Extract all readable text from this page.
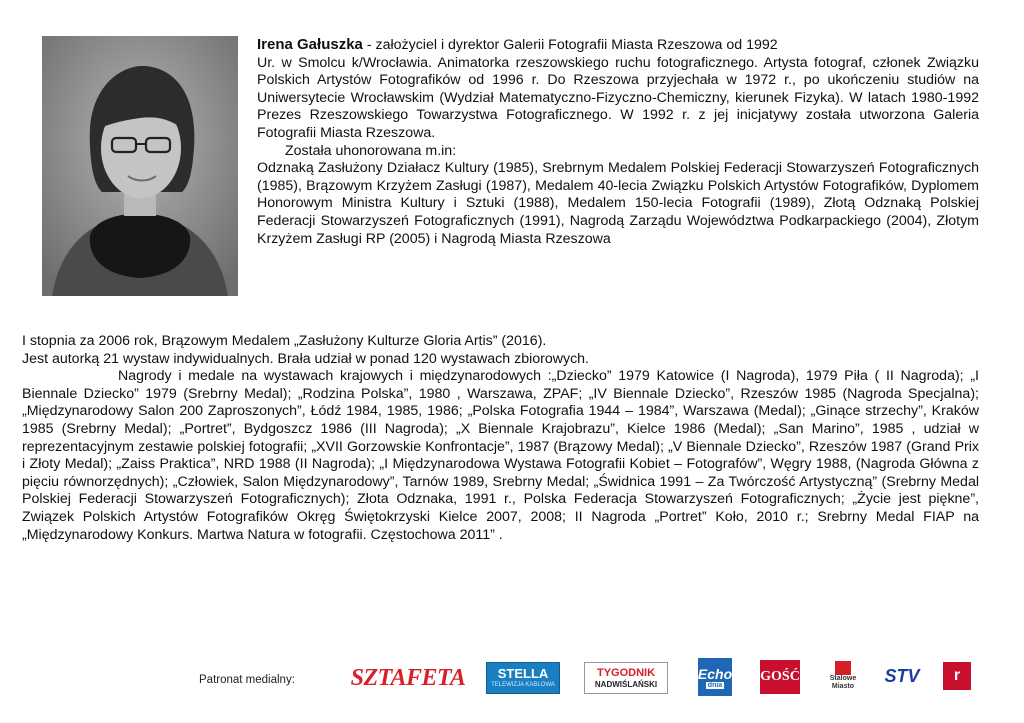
Irena Gałuszka - założyciel i dyrektor Galerii Fotografii Miasta Rzeszowa od 1992

Ur. w Smolcu k/Wrocławia. Animatorka rzeszowskiego ruchu fotograficznego. Artysta fotograf, członek Związku Polskich Artystów Fotografików od 1996 r. Do Rzeszowa przyjechała w 1972 r., po ukończeniu studiów na Uniwersytecie Wrocławskim (Wydział Matematyczno-Fizyczno-Chemiczny, kierunek Fizyka). W latach 1980-1992 Prezes Rzeszowskiego Towarzystwa Fotograficznego. W 1992 r. z jej inicjatywy została utworzona Galeria Fotografii Miasta Rzeszowa.

Została uhonorowana m.in:

Odznaką Zasłużony Działacz Kultury (1985), Srebrnym Medalem Polskiej Federacji Stowarzyszeń Fotograficznych (1985), Brązowym Krzyżem Zasługi (1987), Medalem 40-lecia Związku Polskich Artystów Fotografików, Dyplomem Honorowym Ministra Kultury i Sztuki (1988), Medalem 150-lecia Fotografii (1989), Złotą Odznaką Polskiej Federacji Stowarzyszeń Fotograficznych (1991), Nagrodą Zarządu Województwa Podkarpackiego (2004), Złotym Krzyżem Zasługi RP (2005) i Nagrodą Miasta Rzeszowa

I stopnia za 2006 rok, Brązowym Medalem „Zasłużony Kulturze Gloria Artis” (2016).

Jest autorką 21 wystaw indywidualnych. Brała udział w ponad 120 wystawach zbiorowych.

Nagrody i medale na wystawach krajowych i międzynarodowych :„Dziecko” 1979 Katowice (I Nagroda), 1979 Piła ( II Nagroda); „I Biennale Dziecko” 1979 (Srebrny Medal); „Rodzina Polska”, 1980 , Warszawa, ZPAF; „IV Biennale Dziecko”, Rzeszów 1985 (Nagroda Specjalna); „Międzynarodowy Salon 200 Zaproszonych”, Łódź 1984, 1985, 1986; „Polska Fotografia 1944 – 1984”, Warszawa (Medal); „Ginące strzechy”, Kraków 1985 (Srebrny Medal); „Portret”, Bydgoszcz 1986 (III Nagroda); „X Biennale Krajobrazu”, Kielce 1986 (Medal); „San Marino”, 1985 , udział w reprezentacyjnym zestawie polskiej fotografii; „XVII Gorzowskie Konfrontacje”, 1987 (Brązowy Medal); „V Biennale Dziecko”, Rzeszów 1987 (Grand Prix i Złoty Medal); „Zaiss Praktica”, NRD 1988 (II Nagroda); „I Międzynarodowa Wystawa Fotografii Kobiet – Fotografów”, Węgry 1988, (Nagroda Główna z pięciu równorzędnych); „Człowiek, Salon Międzynarodowy”, Tarnów 1989, Srebrny Medal; „Świdnica 1991 – Za Twórczość Artystyczną” (Srebrny Medal Polskiej Federacji Stowarzyszeń Fotograficznych); Złota Odznaka, 1991 r., Polska Federacja Stowarzyszeń Fotograficznych; „Życie jest piękne”, Związek Polskich Artystów Fotografików Okręg Świętokrzyski Kielce 2007, 2008; II Nagroda „Portret” Koło, 2010 r.; Srebrny Medal FIAP na „Międzynarodowy Konkurs. Martwa Natura w fotografii. Częstochowa 2011” .

Patronat medialny: SZTAFETA STELLA
TELEWIZJA KABLOWA
TYGODNIK
NADWIŚLAŃSKI
Echo
dnia
GOŚĆ	Stalowe Miasto
STV	r
